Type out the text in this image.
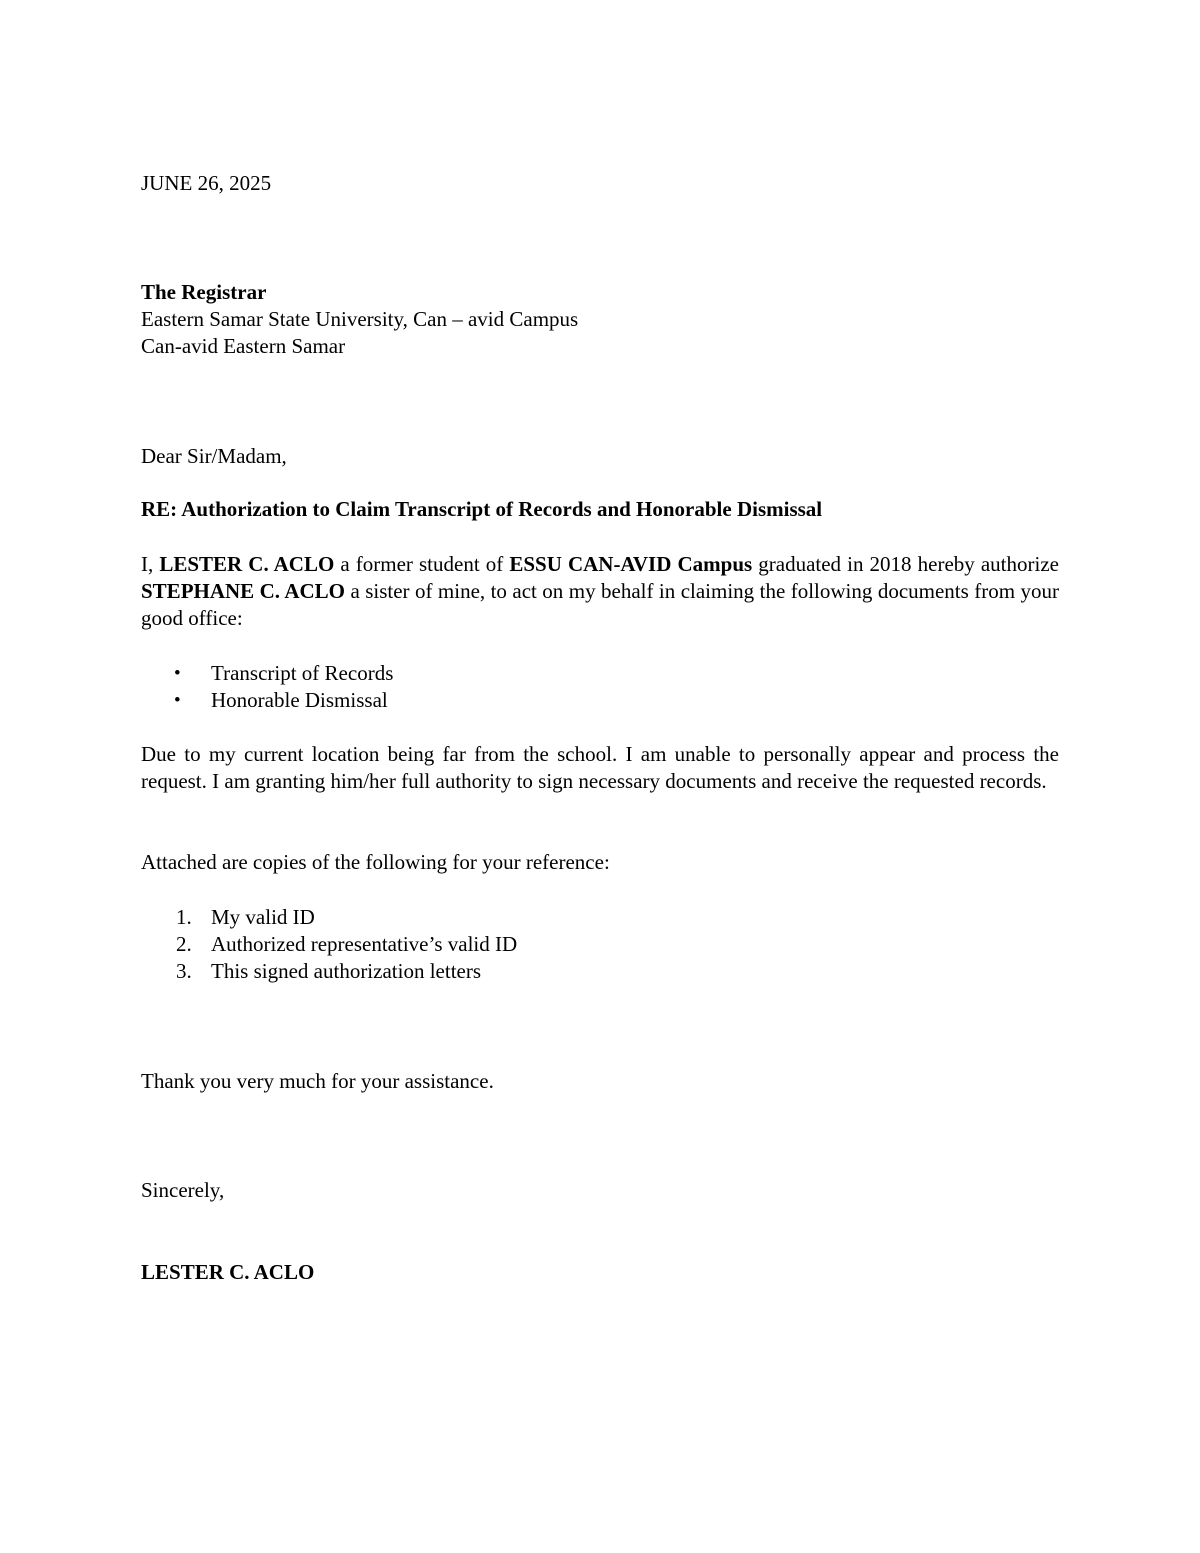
JUNE 26, 2025
The Registrar
Eastern Samar State University, Can – avid Campus
Can-avid Eastern Samar
Dear Sir/Madam,
RE: Authorization to Claim Transcript of Records and Honorable Dismissal
I, LESTER C. ACLO a former student of ESSU CAN-AVID Campus graduated in 2018 hereby authorize STEPHANE C. ACLO a sister of mine, to act on my behalf in claiming the following documents from your good office:
• Transcript of Records
• Honorable Dismissal
Due to my current location being far from the school. I am unable to personally appear and process the request. I am granting him/her full authority to sign necessary documents and receive the requested records.
Attached are copies of the following for your reference:
1. My valid ID
2. Authorized representative’s valid ID
3. This signed authorization letters
Thank you very much for your assistance.
Sincerely,
LESTER C. ACLO
